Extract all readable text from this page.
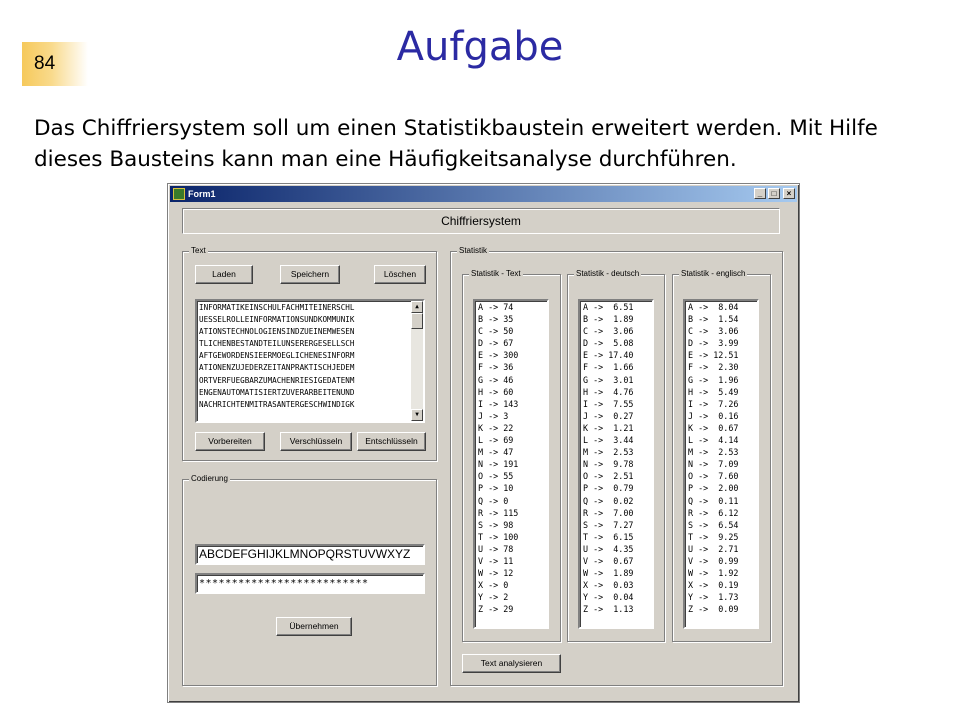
84	Aufgabe

Das Chiffriersystem soll um einen Statistikbaustein erweitert werden. Mit Hilfe dieses Bausteins kann man eine Häufigkeitsanalyse durchführen.

Form1	_	□	×
Chiffriersystem
Text
Laden	Speichern	Löschen
INFORMATIKEINSCHULFACHMITEINERSCHL
UESSELROLLEINFORMATIONSUNDKOMMUNIK
ATIONSTECHNOLOGIENSINDZUEINEMWESEN
TLICHENBESTANDTEILUNSERERGESELLSCH
AFTGEWORDENSIEERMOEGLICHENESINFORM
ATIONENZUJEDERZEITANPRAKTISCHJEDEM
ORTVERFUEGBARZUMACHENRIESIGEDATENM
ENGENAUTOMATISIERTZUVERARBEITENUND
NACHRICHTENMITRASANTERGESCHWINDIGK
▲
▼
Vorbereiten	Verschlüsseln	Entschlüsseln
Codierung
ABCDEFGHIJKLMNOPQRSTUVWXYZ
**************************
Übernehmen
Statistik
Statistik - Text
A -> 74
B -> 35
C -> 50
D -> 67
E -> 300
F -> 36
G -> 46
H -> 60
I -> 143
J -> 3
K -> 22
L -> 69
M -> 47
N -> 191
O -> 55
P -> 10
Q -> 0
R -> 115
S -> 98
T -> 100
U -> 78
V -> 11
W -> 12
X -> 0
Y -> 2
Z -> 29
Statistik - deutsch
A ->  6.51
B ->  1.89
C ->  3.06
D ->  5.08
E -> 17.40
F ->  1.66
G ->  3.01
H ->  4.76
I ->  7.55
J ->  0.27
K ->  1.21
L ->  3.44
M ->  2.53
N ->  9.78
O ->  2.51
P ->  0.79
Q ->  0.02
R ->  7.00
S ->  7.27
T ->  6.15
U ->  4.35
V ->  0.67
W ->  1.89
X ->  0.03
Y ->  0.04
Z ->  1.13
Statistik - englisch
A ->  8.04
B ->  1.54
C ->  3.06
D ->  3.99
E -> 12.51
F ->  2.30
G ->  1.96
H ->  5.49
I ->  7.26
J ->  0.16
K ->  0.67
L ->  4.14
M ->  2.53
N ->  7.09
O ->  7.60
P ->  2.00
Q ->  0.11
R ->  6.12
S ->  6.54
T ->  9.25
U ->  2.71
V ->  0.99
W ->  1.92
X ->  0.19
Y ->  1.73
Z ->  0.09
Text analysieren
